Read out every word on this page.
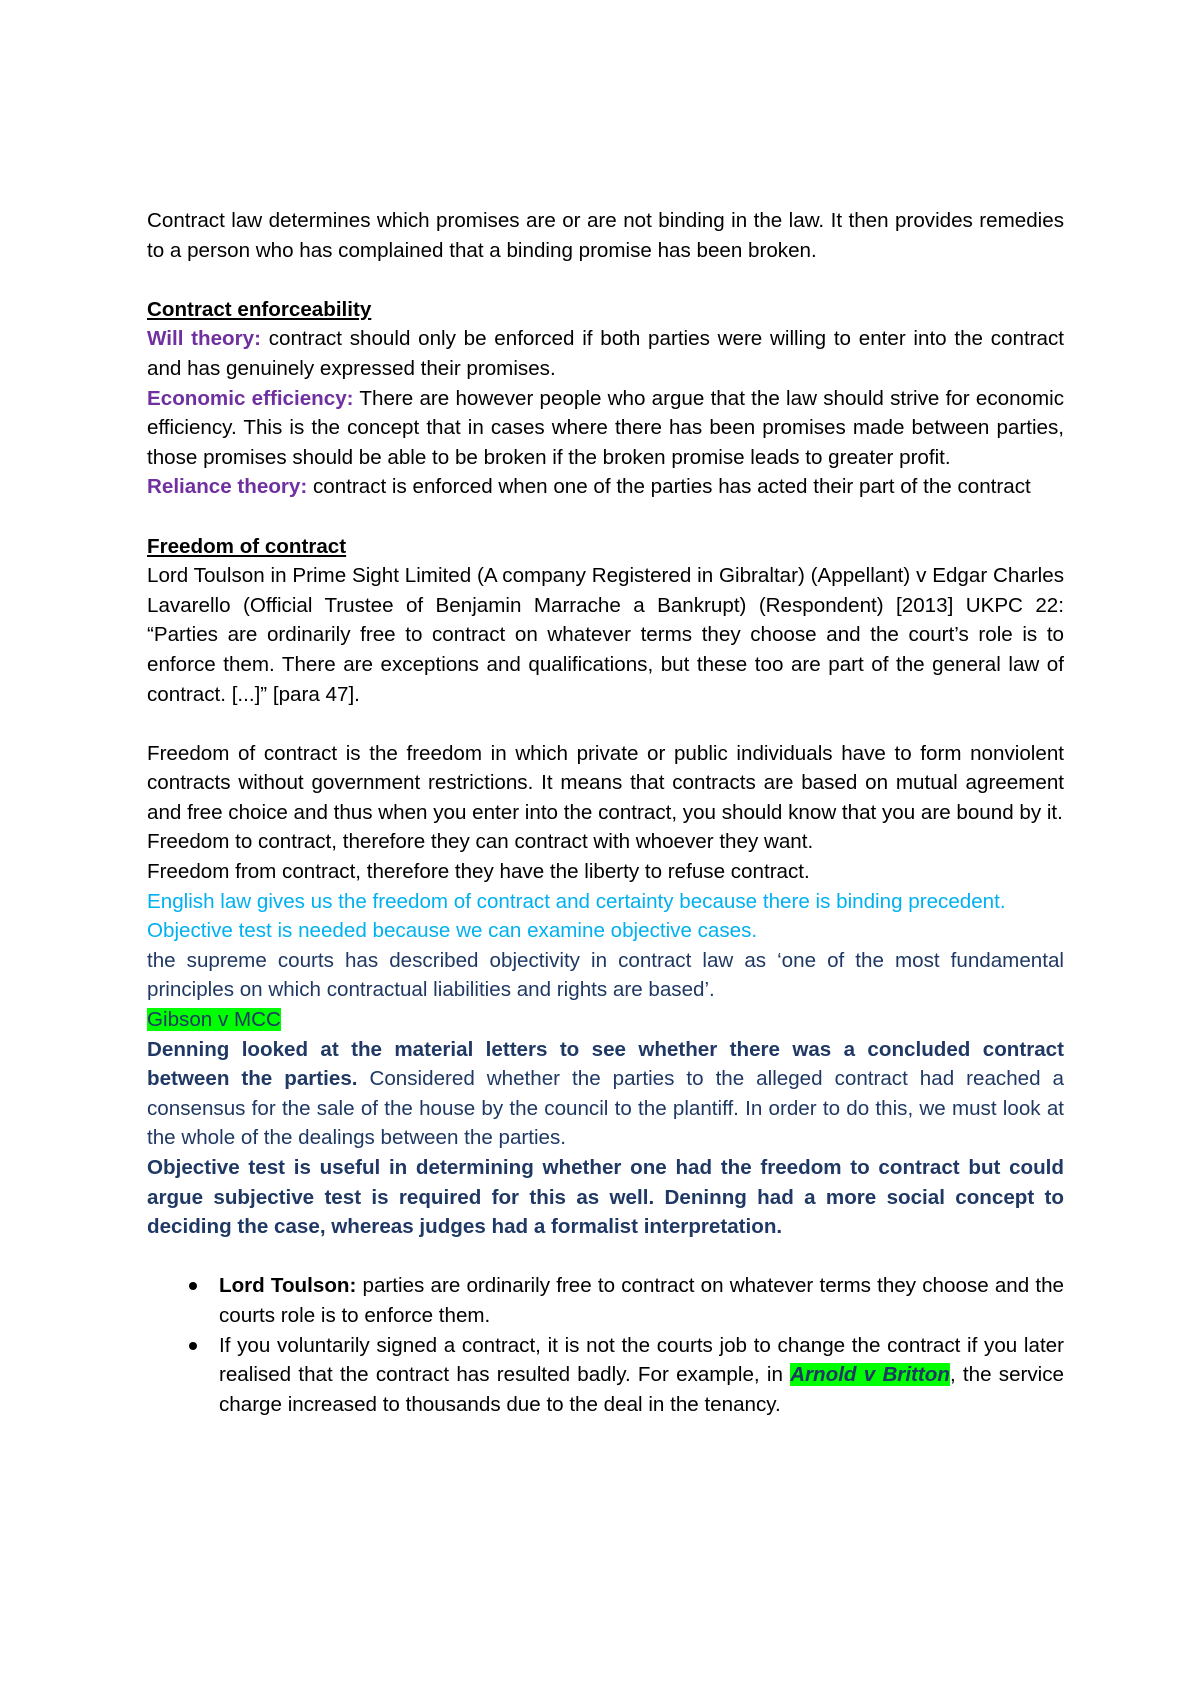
Contract law determines which promises are or are not binding in the law. It then provides remedies to a person who has complained that a binding promise has been broken.

Contract enforceability

Will theory: contract should only be enforced if both parties were willing to enter into the contract and has genuinely expressed their promises.

Economic efficiency: There are however people who argue that the law should strive for economic efficiency. This is the concept that in cases where there has been promises made between parties, those promises should be able to be broken if the broken promise leads to greater profit.

Reliance theory: contract is enforced when one of the parties has acted their part of the contract

Freedom of contract

Lord Toulson in Prime Sight Limited (A company Registered in Gibraltar) (Appellant) v Edgar Charles Lavarello (Official Trustee of Benjamin Marrache a Bankrupt) (Respondent) [2013] UKPC 22: “Parties are ordinarily free to contract on whatever terms they choose and the court’s role is to enforce them. There are exceptions and qualifications, but these too are part of the general law of contract. [...]” [para 47].

Freedom of contract is the freedom in which private or public individuals have to form nonviolent contracts without government restrictions. It means that contracts are based on mutual agreement and free choice and thus when you enter into the contract, you should know that you are bound by it.

Freedom to contract, therefore they can contract with whoever they want.

Freedom from contract, therefore they have the liberty to refuse contract.

English law gives us the freedom of contract and certainty because there is binding precedent.

Objective test is needed because we can examine objective cases.

the supreme courts has described objectivity in contract law as ‘one of the most fundamental principles on which contractual liabilities and rights are based’.

Gibson v MCC

Denning looked at the material letters to see whether there was a concluded contract between the parties. Considered whether the parties to the alleged contract had reached a consensus for the sale of the house by the council to the plantiff. In order to do this, we must look at the whole of the dealings between the parties.

Objective test is useful in determining whether one had the freedom to contract but could argue subjective test is required for this as well. Deninng had a more social concept to deciding the case, whereas judges had a formalist interpretation.

Lord Toulson: parties are ordinarily free to contract on whatever terms they choose and the courts role is to enforce them.
If you voluntarily signed a contract, it is not the courts job to change the contract if you later realised that the contract has resulted badly. For example, in Arnold v Britton, the service charge increased to thousands due to the deal in the tenancy.
